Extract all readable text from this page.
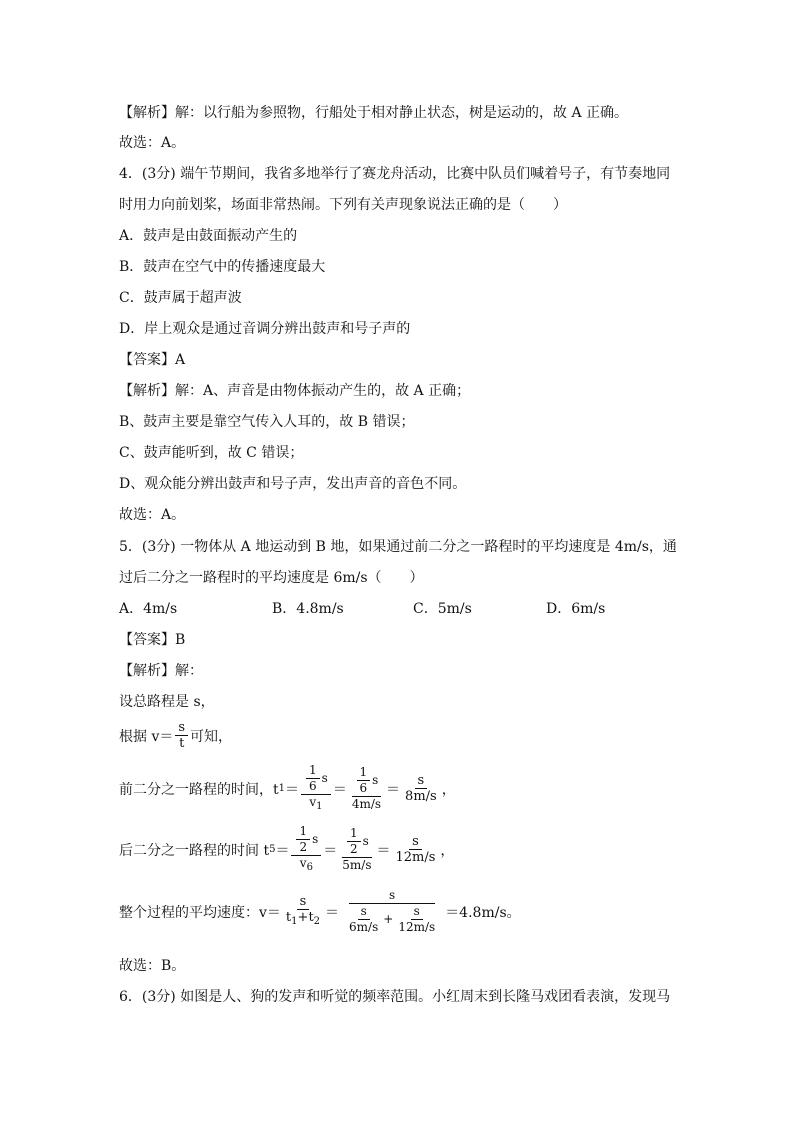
【解析】解：以行船为参照物，行船处于相对静止状态，树是运动的，故 A 正确。
故选：A。
4．(3分) 端午节期间，我省多地举行了赛龙舟活动，比赛中队员们喊着号子，有节奏地同
时用力向前划桨，场面非常热闹。下列有关声现象说法正确的是（　　）
A．鼓声是由鼓面振动产生的
B．鼓声在空气中的传播速度最大
C．鼓声属于超声波
D．岸上观众是通过音调分辨出鼓声和号子声的
【答案】A
【解析】解：A、声音是由物体振动产生的，故 A 正确；
B、鼓声主要是靠空气传入人耳的，故 B 错误；
C、鼓声能听到，故 C 错误；
D、观众能分辨出鼓声和号子声，发出声音的音色不同。
故选：A。
5．(3分) 一物体从 A 地运动到 B 地，如果通过前二分之一路程时的平均速度是 4m/s，通
过后二分之一路程时的平均速度是 6m/s（　　）
A．4m/s	B．4.8m/s	C．5m/s	D．6m/s
【答案】B
【解析】解：
设总路程是 s，
根据 $v= \frac{s}{t}$ 可知，
前二分之一路程的时间，t $1 = \frac{\frac{1}{6} s}{v_1} = \frac{\frac{1}{6} s}{4m/s} = \frac{s}{8m/s}$ ，
后二分之一路程的时间 t $5 = \frac{\frac{1}{2} s}{v_6} = \frac{\frac{1}{2} s}{5m/s} = \frac{s}{12m/s}$ ，
整个过程的平均速度：$v= \frac{s}{t_1+t_2} = \frac{s}{\frac{s}{6m/s} + \frac{s}{12m/s}} =4.8m/s$。
故选：B。
6．(3分) 如图是人、狗的发声和听觉的频率范围。小红周末到长隆马戏团看表演，发现马
